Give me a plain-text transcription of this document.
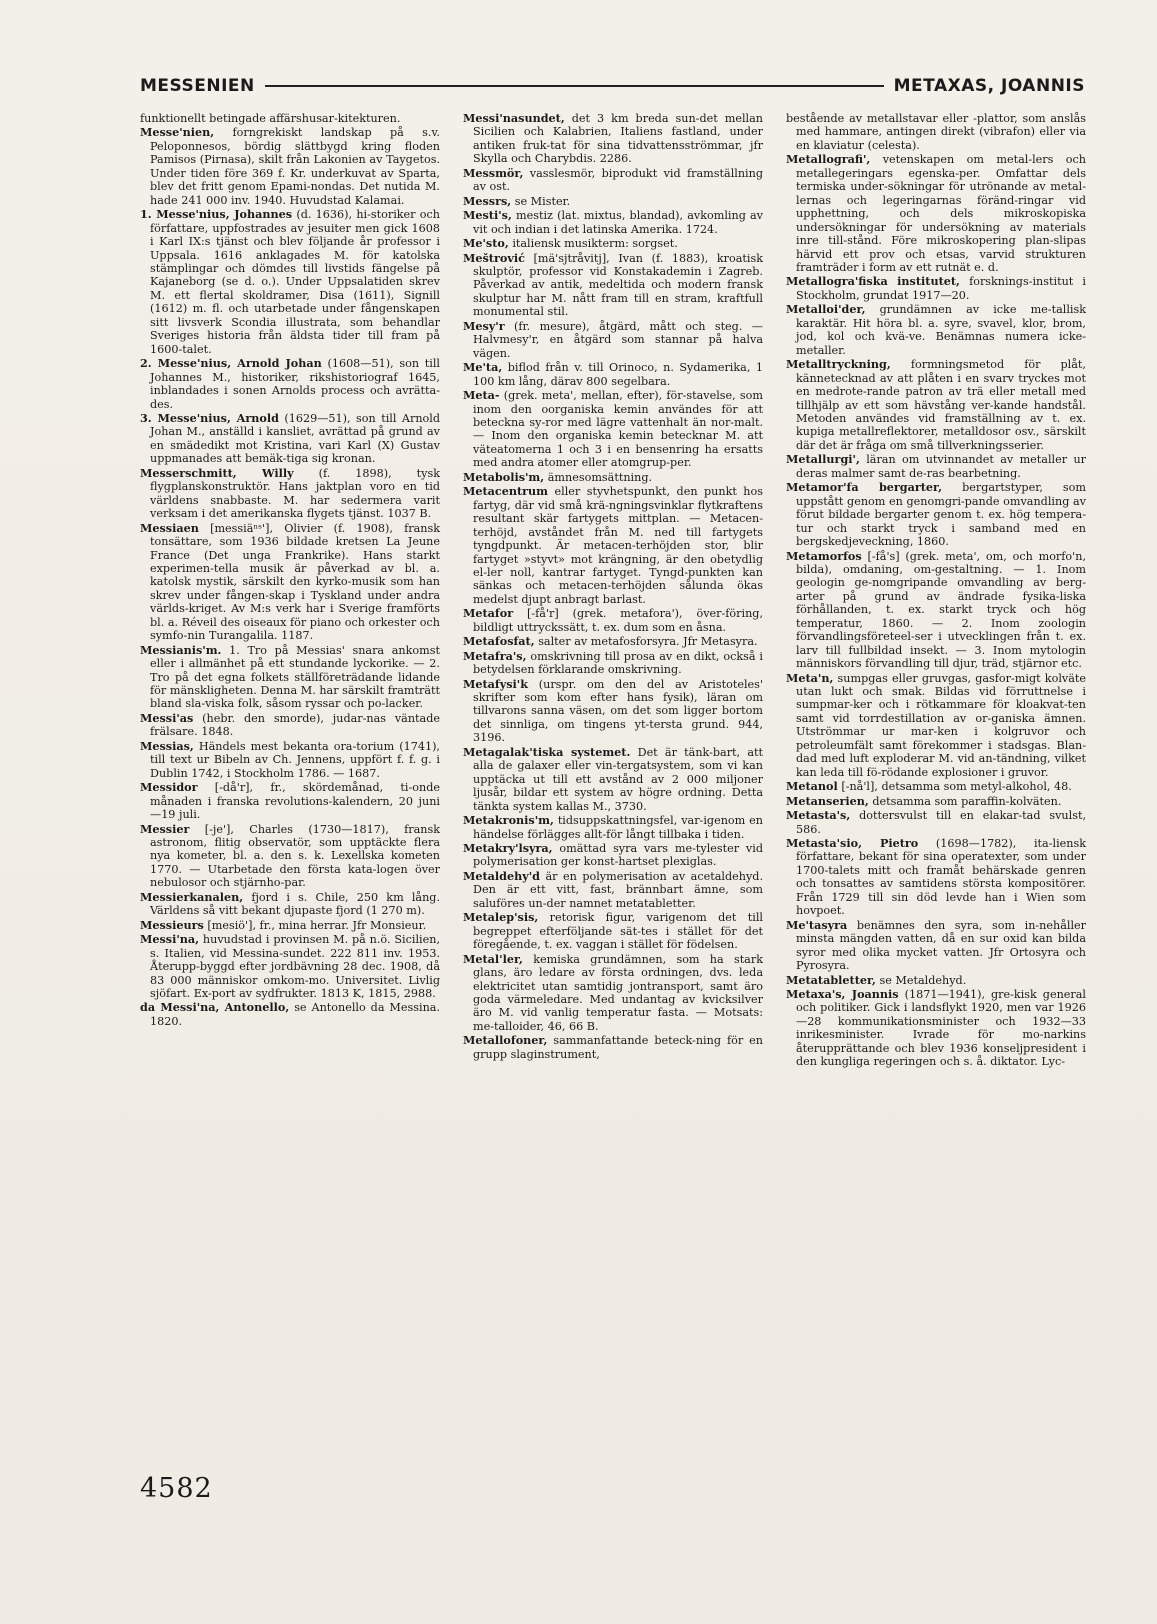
MESSENIEN	METAXAS, JOANNIS

funktionellt betingade affärshusar-kitekturen.

Messe'nien, forngrekiskt landskap på s.v. Peloponnesos, bördig slättbygd kring floden Pamisos (Pirnasa), skilt från Lakonien av Taygetos. Under tiden före 369 f. Kr. underkuvat av Sparta, blev det fritt genom Epami-nondas. Det nutida M. hade 241 000 inv. 1940. Huvudstad Kalamai.

1. Messe'nius, Johannes (d. 1636), hi-storiker och författare, uppfostrades av jesuiter men gick 1608 i Karl IX:s tjänst och blev följande år professor i Uppsala. 1616 anklagades M. för katolska stämplingar och dömdes till livstids fängelse på Kajaneborg (se d. o.). Under Uppsalatiden skrev M. ett flertal skoldramer, Disa (1611), Signill (1612) m. fl. och utarbetade under fångenskapen sitt livsverk Scondia illustrata, som behandlar Sveriges historia från äldsta tider till fram på 1600-talet.

2. Messe'nius, Arnold Johan (1608—51), son till Johannes M., historiker, rikshistoriograf 1645, inblandades i sonen Arnolds process och avrätta-des.

3. Messe'nius, Arnold (1629—51), son till Arnold Johan M., anställd i kansliet, avrättad på grund av en smädedikt mot Kristina, vari Karl (X) Gustav uppmanades att bemäk-tiga sig kronan.

Messerschmitt, Willy (f. 1898), tysk flygplanskonstruktör. Hans jaktplan voro en tid världens snabbaste. M. har sedermera varit verksam i det amerikanska flygets tjänst. 1037 B.

Messiaen [messiäⁿˢ'], Olivier (f. 1908), fransk tonsättare, som 1936 bildade kretsen La Jeune France (Det unga Frankrike). Hans starkt experimen-tella musik är påverkad av bl. a. katolsk mystik, särskilt den kyrko-musik som han skrev under fången-skap i Tyskland under andra världs-kriget. Av M:s verk har i Sverige framförts bl. a. Réveil des oiseaux för piano och orkester och symfo-nin Turangalila. 1187.

Messianis'm. 1. Tro på Messias' snara ankomst eller i allmänhet på ett stundande lyckorike. — 2. Tro på det egna folkets ställföreträdande lidande för mänskligheten. Denna M. har särskilt framträtt bland sla-viska folk, såsom ryssar och po-lacker.

Messi'as (hebr. den smorde), judar-nas väntade frälsare. 1848.

Messias, Händels mest bekanta ora-torium (1741), till text ur Bibeln av Ch. Jennens, uppfört f. f. g. i Dublin 1742, i Stockholm 1786. — 1687.

Messidor [-då'r], fr., skördemånad, ti-onde månaden i franska revolutions-kalendern, 20 juni—19 juli.

Messier [-je'], Charles (1730—1817), fransk astronom, flitig observatör, som upptäckte flera nya kometer, bl. a. den s. k. Lexellska kometen 1770. — Utarbetade den första kata-logen över nebulosor och stjärnho-par.

Messierkanalen, fjord i s. Chile, 250 km lång. Världens så vitt bekant djupaste fjord (1 270 m).

Messieurs [mesiö'], fr., mina herrar. Jfr Monsieur.

Messi'na, huvudstad i provinsen M. på n.ö. Sicilien, s. Italien, vid Messina-sundet. 222 811 inv. 1953. Återupp-byggd efter jordbävning 28 dec. 1908, då 83 000 människor omkom-mo. Universitet. Livlig sjöfart. Ex-port av sydfrukter. 1813 K, 1815, 2988.

da Messi'na, Antonello, se Antonello da Messina. 1820.

Messi'nasundet, det 3 km breda sun-det mellan Sicilien och Kalabrien, Italiens fastland, under antiken fruk-tat för sina tidvattensströmmar, jfr Skylla och Charybdis. 2286.

Messmör, vasslesmör, biprodukt vid framställning av ost.

Messrs, se Mister.

Mesti's, mestiz (lat. mixtus, blandad), avkomling av vit och indian i det latinska Amerika. 1724.

Me'sto, italiensk musikterm: sorgset.

Meštrović [mä'sjtråvitj], Ivan (f. 1883), kroatisk skulptör, professor vid Konstakademin i Zagreb. Påverkad av antik, medeltida och modern fransk skulptur har M. nått fram till en stram, kraftfull monumental stil.

Mesy'r (fr. mesure), åtgärd, mått och steg. — Halvmesy'r, en åtgärd som stannar på halva vägen.

Me'ta, biflod från v. till Orinoco, n. Sydamerika, 1 100 km lång, därav 800 segelbara.

Meta- (grek. meta', mellan, efter), för-stavelse, som inom den oorganiska kemin användes för att beteckna sy-ror med lägre vattenhalt än nor-malt. — Inom den organiska kemin betecknar M. att väteatomerna 1 och 3 i en bensenring ha ersatts med andra atomer eller atomgrup-per.

Metabolis'm, ämnesomsättning.

Metacentrum eller styvhetspunkt, den punkt hos fartyg, där vid små krä-ngningsvinklar flytkraftens resultant skär fartygets mittplan. — Metacen-terhöjd, avståndet från M. ned till fartygets tyngdpunkt. Är metacen-terhöjden stor, blir fartyget »styvt» mot krängning, är den obetydlig el-ler noll, kantrar fartyget. Tyngd-punkten kan sänkas och metacen-terhöjden sålunda ökas medelst djupt anbragt barlast.

Metafor [-få'r] (grek. metafora'), över-föring, bildligt uttryckssätt, t. ex. dum som en åsna.

Metafosfat, salter av metafosforsyra. Jfr Metasyra.

Metafra's, omskrivning till prosa av en dikt, också i betydelsen förklarande omskrivning.

Metafysi'k (urspr. om den del av Aristoteles' skrifter som kom efter hans fysik), läran om tillvarons sanna väsen, om det som ligger bortom det sinnliga, om tingens yt-tersta grund. 944, 3196.

Metagalak'tiska systemet. Det är tänk-bart, att alla de galaxer eller vin-tergatsystem, som vi kan upptäcka ut till ett avstånd av 2 000 miljoner ljusår, bildar ett system av högre ordning. Detta tänkta system kallas M., 3730.

Metakronis'm, tidsuppskattningsfel, var-igenom en händelse förlägges allt-för långt tillbaka i tiden.

Metakry'lsyra, omättad syra vars me-tylester vid polymerisation ger konst-hartset plexiglas.

Metaldehy'd är en polymerisation av acetaldehyd. Den är ett vitt, fast, brännbart ämne, som saluföres un-der namnet metatabletter.

Metalep'sis, retorisk figur, varigenom det till begreppet efterföljande sät-tes i stället för det föregående, t. ex. vaggan i stället för födelsen.

Metal'ler, kemiska grundämnen, som ha stark glans, äro ledare av första ordningen, dvs. leda elektricitet utan samtidig jontransport, samt äro goda värmeledare. Med undantag av kvicksilver äro M. vid vanlig temperatur fasta. — Motsats: me-talloider, 46, 66 B.

Metallofoner, sammanfattande beteck-ning för en grupp slaginstrument,

bestående av metallstavar eller -plattor, som anslås med hammare, antingen direkt (vibrafon) eller via en klaviatur (celesta).

Metallografi', vetenskapen om metal-lers och metallegeringars egenska-per. Omfattar dels termiska under-sökningar för utrönande av metal-lernas och legeringarnas föränd-ringar vid upphettning, och dels mikroskopiska undersökningar för undersökning av materials inre till-stånd. Före mikroskopering plan-slipas härvid ett prov och etsas, varvid strukturen framträder i form av ett rutnät e. d.

Metallogra'fiska institutet, forsknings-institut i Stockholm, grundat 1917—20.

Metalloi'der, grundämnen av icke me-tallisk karaktär. Hit höra bl. a. syre, svavel, klor, brom, jod, kol och kvä-ve. Benämnas numera icke-metaller.

Metalltryckning, formningsmetod för plåt, kännetecknad av att plåten i en svarv tryckes mot en medrote-rande patron av trä eller metall med tillhjälp av ett som hävstång ver-kande handstål. Metoden användes vid framställning av t. ex. kupiga metallreflektorer, metalldosor osv., särskilt där det är fråga om små tillverkningsserier.

Metallurgi', läran om utvinnandet av metaller ur deras malmer samt de-ras bearbetning.

Metamor'fa bergarter, bergartstyper, som uppstått genom en genomgri-pande omvandling av förut bildade bergarter genom t. ex. hög tempera-tur och starkt tryck i samband med en bergskedjeveckning, 1860.

Metamorfos [-få's] (grek. meta', om, och morfo'n, bilda), omdaning, om-gestaltning. — 1. Inom geologin ge-nomgripande omvandling av berg-arter på grund av ändrade fysika-liska förhållanden, t. ex. starkt tryck och hög temperatur, 1860. — 2. Inom zoologin förvandlingsföreteel-ser i utvecklingen från t. ex. larv till fullbildad insekt. — 3. Inom mytologin människors förvandling till djur, träd, stjärnor etc.

Meta'n, sumpgas eller gruvgas, gasfor-migt kolväte utan lukt och smak. Bildas vid förruttnelse i sumpmar-ker och i rötkammare för kloakvat-ten samt vid torrdestillation av or-ganiska ämnen. Utströmmar ur mar-ken i kolgruvor och petroleumfält samt förekommer i stadsgas. Blan-dad med luft exploderar M. vid an-tändning, vilket kan leda till fö-rödande explosioner i gruvor.

Metanol [-nå'l], detsamma som metyl-alkohol, 48.

Metanserien, detsamma som paraffin-kolväten.

Metasta's, dottersvulst till en elakar-tad svulst, 586.

Metasta'sio, Pietro (1698—1782), ita-liensk författare, bekant för sina operatexter, som under 1700-talets mitt och framåt behärskade genren och tonsattes av samtidens största kompositörer. Från 1729 till sin död levde han i Wien som hovpoet.

Me'tasyra benämnes den syra, som in-nehåller minsta mängden vatten, då en sur oxid kan bilda syror med olika mycket vatten. Jfr Ortosyra och Pyrosyra.

Metatabletter, se Metaldehyd.

Metaxa's, Joannis (1871—1941), gre-kisk general och politiker. Gick i landsflykt 1920, men var 1926—28 kommunikationsminister och 1932—33 inrikesminister. Ivrade för mo-narkins återupprättande och blev 1936 konseljpresident i den kungliga regeringen och s. å. diktator. Lyc-

4582
